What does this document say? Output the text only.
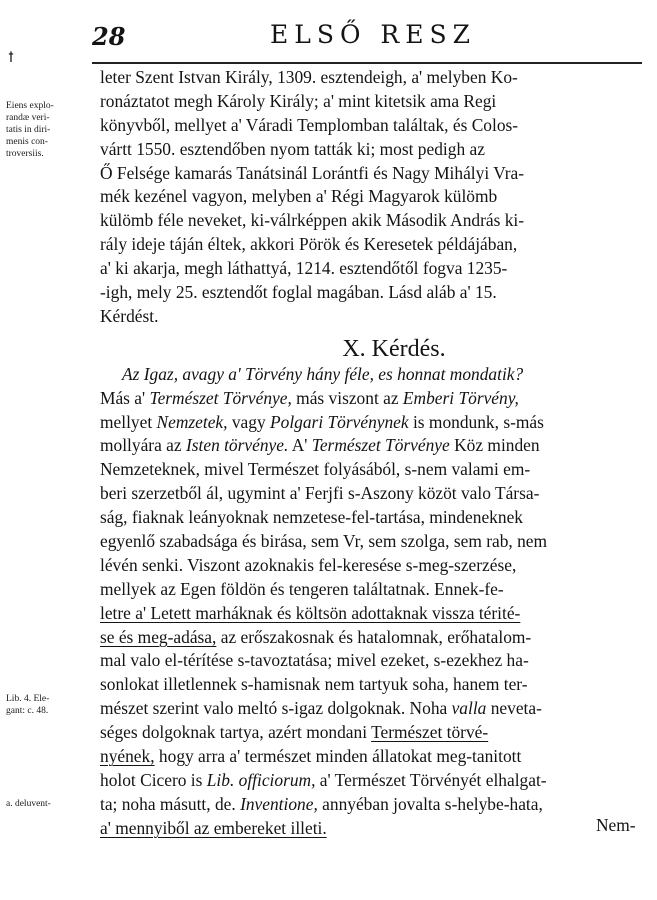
ꝉ
28	ELSŐ RESZ
Eiens explo-
randæ veri-
tatis in diri-
menis con-
troversiis.
Lib. 4. Ele-
gant: c. 48.
a. deluvent-
leter Szent Istvan Király, 1309. esztendeigh, a' melyben Ko-
ronáztatot megh Károly Király; a' mint kitetsik ama Regi
könyvből, mellyet a' Váradi Templomban találtak, és Colos-
vártt 1550. esztendőben nyom tatták ki; most pedigh az
Ő Felsége kamarás Tanátsinál Lorántfi és Nagy Mihályi Vra-
mék kezénel vagyon, melyben a' Régi Magyarok külömb
külömb féle neveket, ki-válrképpen akik Második András ki-
rály ideje táján éltek, akkori Pörök és Keresetek példájában,
a' ki akarja, megh láthattyá, 1214. esztendőtől fogva 1235-
-igh, mely 25. esztendőt foglal magában. Lásd aláb a' 15.
Kérdést.
X. Kérdés.
Az Igaz, avagy a' Törvény hány féle, es honnat mondatik?
Más a' Természet Törvénye, más viszont az Emberi Törvény,
mellyet Nemzetek, vagy Polgari Törvénynek is mondunk, s-más
mollyára az Isten törvénye. A' Természet Törvénye Köz minden
Nemzeteknek, mivel Természet folyásából, s-nem valami em-
beri szerzetből ál, ugymint a' Ferjfi s-Aszony közöt valo Társa-
ság, fiaknak leányoknak nemzetese-fel-tartása, mindeneknek
egyenlő szabadsága és birása, sem Vr, sem szolga, sem rab, nem
lévén senki. Viszont azoknakis fel-keresése s-meg-szerzése,
mellyek az Egen földön és tengeren találtatnak. Ennek-fe-
letre a' Letett marháknak és költsön adottaknak vissza térité-
se és meg-adása, az erőszakosnak és hatalomnak, erőhatalom-
mal valo el-térítése s-tavoztatása; mivel ezeket, s-ezekhez ha-
sonlokat illetlennek s-hamisnak nem tartyuk soha, hanem ter-
mészet szerint valo meltó s-igaz dolgoknak. Noha valla neveta-
séges dolgoknak tartya, azért mondani Természet törvé-
nyének, hogy arra a' természet minden állatokat meg-tanitott
holot Cicero is Lib. officiorum, a' Természet Törvényét elhalgat-
ta; noha másutt, de. Inventione, annyéban jovalta s-helybe-hata,
a' mennyiből az embereket illeti.	Nem-
